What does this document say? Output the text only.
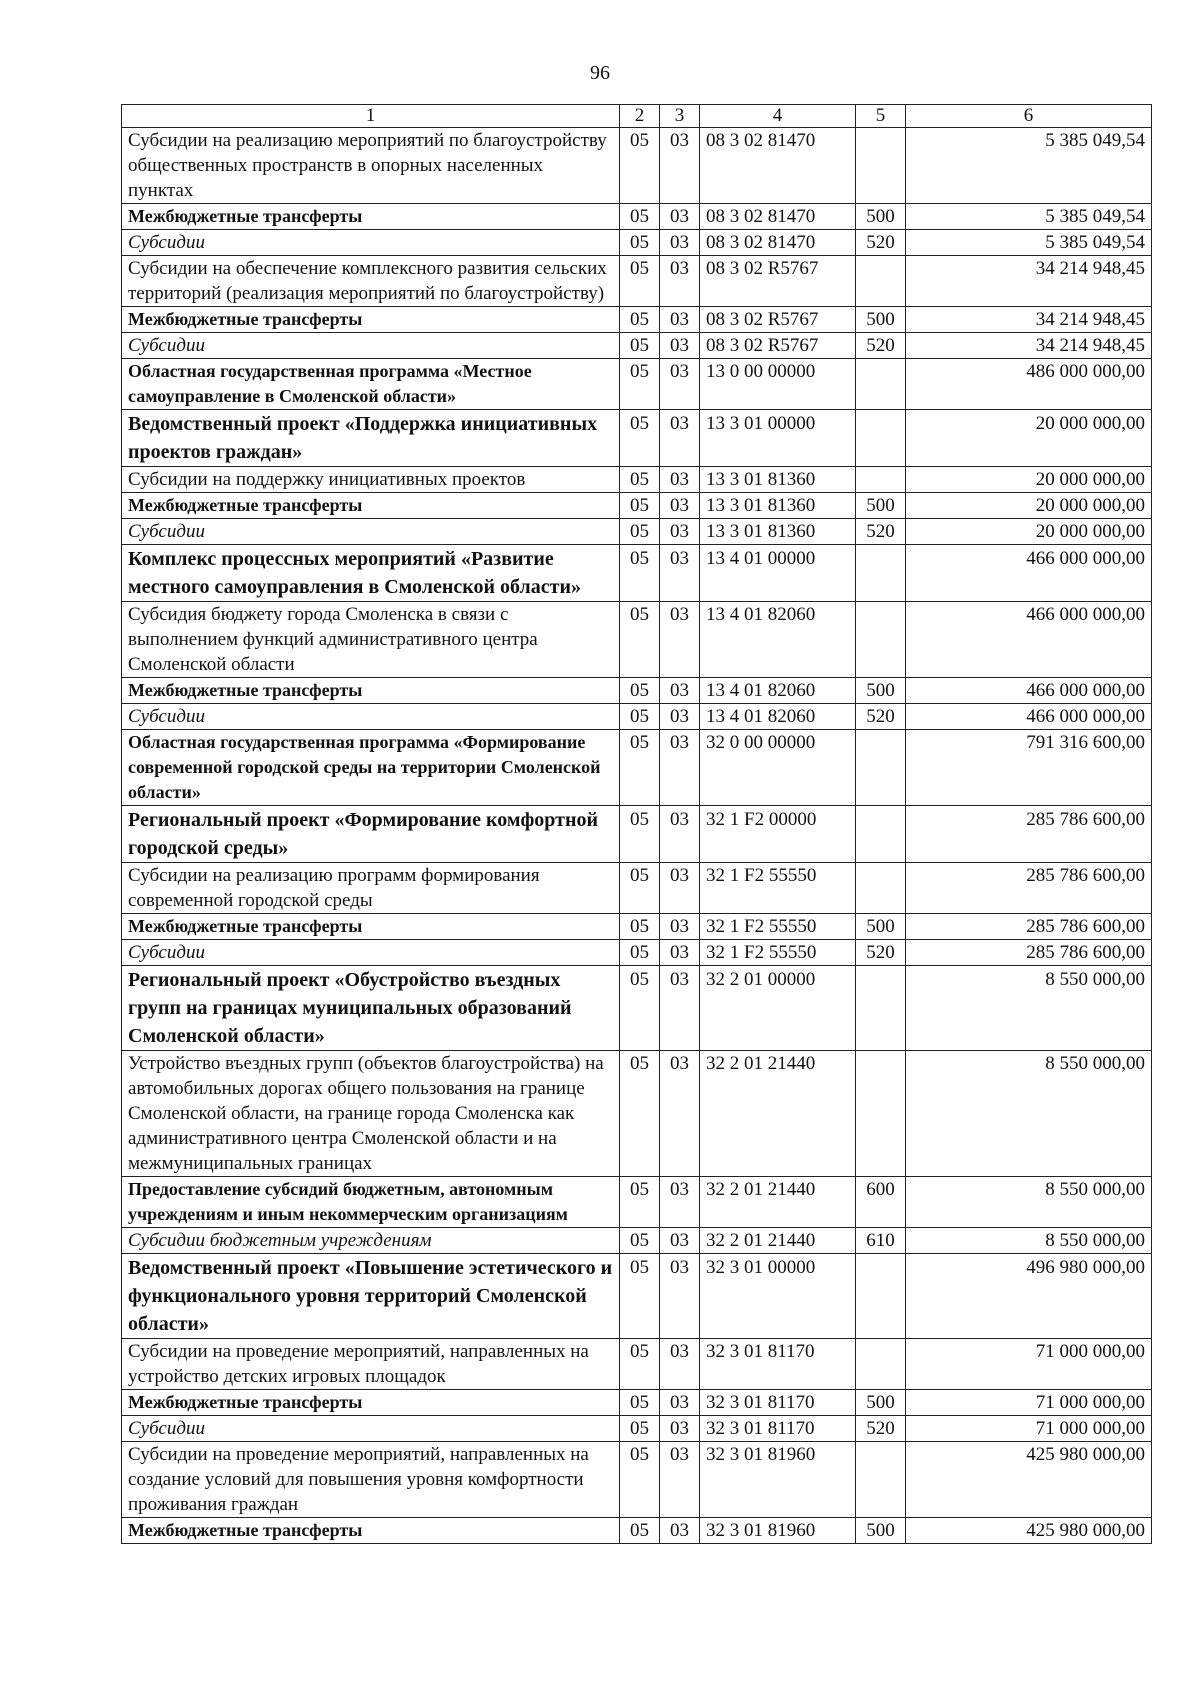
96
1	2	3	4	5	6
Субсидии на реализацию мероприятий по благоустройству общественных пространств в опорных населенных пунктах	05	03	08 3 02 81470		5 385 049,54
Межбюджетные трансферты	05	03	08 3 02 81470	500	5 385 049,54
Субсидии	05	03	08 3 02 81470	520	5 385 049,54
Субсидии на обеспечение комплексного развития сельских территорий (реализация мероприятий по благоустройству)	05	03	08 3 02 R5767		34 214 948,45
Межбюджетные трансферты	05	03	08 3 02 R5767	500	34 214 948,45
Субсидии	05	03	08 3 02 R5767	520	34 214 948,45
Областная государственная программа «Местное самоуправление в Смоленской области»	05	03	13 0 00 00000		486 000 000,00
Ведомственный проект «Поддержка инициативных проектов граждан»	05	03	13 3 01 00000		20 000 000,00
Субсидии на поддержку инициативных проектов	05	03	13 3 01 81360		20 000 000,00
Межбюджетные трансферты	05	03	13 3 01 81360	500	20 000 000,00
Субсидии	05	03	13 3 01 81360	520	20 000 000,00
Комплекс процессных мероприятий «Развитие местного самоуправления в Смоленской области»	05	03	13 4 01 00000		466 000 000,00
Субсидия бюджету города Смоленска в связи с выполнением функций административного центра Смоленской области	05	03	13 4 01 82060		466 000 000,00
Межбюджетные трансферты	05	03	13 4 01 82060	500	466 000 000,00
Субсидии	05	03	13 4 01 82060	520	466 000 000,00
Областная государственная программа «Формирование современной городской среды на территории Смоленской области»	05	03	32 0 00 00000		791 316 600,00
Региональный проект «Формирование комфортной городской среды»	05	03	32 1 F2 00000		285 786 600,00
Субсидии на реализацию программ формирования современной городской среды	05	03	32 1 F2 55550		285 786 600,00
Межбюджетные трансферты	05	03	32 1 F2 55550	500	285 786 600,00
Субсидии	05	03	32 1 F2 55550	520	285 786 600,00
Региональный проект «Обустройство въездных групп на границах муниципальных образований Смоленской области»	05	03	32 2 01 00000		8 550 000,00
Устройство въездных групп (объектов благоустройства) на автомобильных дорогах общего пользования на границе Смоленской области, на границе города Смоленска как административного центра Смоленской области и на межмуниципальных границах	05	03	32 2 01 21440		8 550 000,00
Предоставление субсидий бюджетным, автономным учреждениям и иным некоммерческим организациям	05	03	32 2 01 21440	600	8 550 000,00
Субсидии бюджетным учреждениям	05	03	32 2 01 21440	610	8 550 000,00
Ведомственный проект «Повышение эстетического и функционального уровня территорий Смоленской области»	05	03	32 3 01 00000		496 980 000,00
Субсидии на проведение мероприятий, направленных на устройство детских игровых площадок	05	03	32 3 01 81170		71 000 000,00
Межбюджетные трансферты	05	03	32 3 01 81170	500	71 000 000,00
Субсидии	05	03	32 3 01 81170	520	71 000 000,00
Субсидии на проведение мероприятий, направленных на создание условий для повышения уровня комфортности проживания граждан	05	03	32 3 01 81960		425 980 000,00
Межбюджетные трансферты	05	03	32 3 01 81960	500	425 980 000,00
